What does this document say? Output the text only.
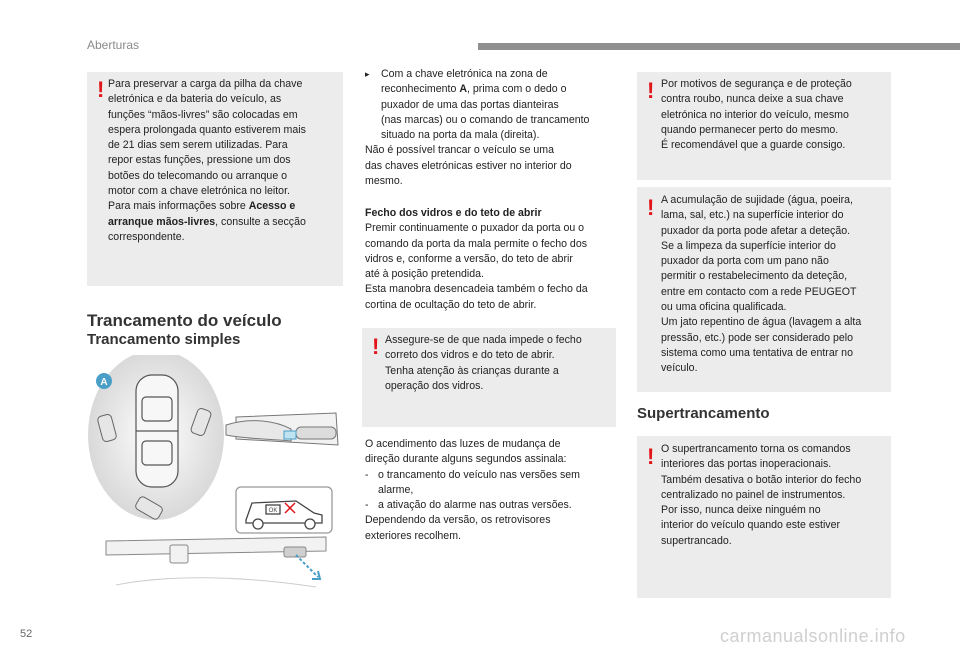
Aberturas
! Para preservar a carga da pilha da chave
eletrónica e da bateria do veículo, as
funções “mãos-livres” são colocadas em
espera prolongada quanto estiverem mais
de 21 dias sem serem utilizadas. Para
repor estas funções, pressione um dos
botões do telecomando ou arranque o
motor com a chave eletrónica no leitor.
Para mais informações sobre Acesso e
arranque mãos-livres, consulte a secção
correspondente.
Trancamento do veículo
Trancamento simples
A
OK
▸ Com a chave eletrónica na zona de
reconhecimento A, prima com o dedo o
puxador de uma das portas dianteiras
(nas marcas) ou o comando de trancamento
situado na porta da mala (direita).
Não é possível trancar o veículo se uma
das chaves eletrónicas estiver no interior do
mesmo.
Fecho dos vidros e do teto de abrir
Premir continuamente o puxador da porta ou o
comando da porta da mala permite o fecho dos
vidros e, conforme a versão, do teto de abrir
até à posição pretendida.
Esta manobra desencadeia também o fecho da
cortina de ocultação do teto de abrir.
! Assegure-se de que nada impede o fecho
correto dos vidros e do teto de abrir.
Tenha atenção às crianças durante a
operação dos vidros.
O acendimento das luzes de mudança de
direção durante alguns segundos assinala:
- o trancamento do veículo nas versões sem
alarme,
- a ativação do alarme nas outras versões.
Dependendo da versão, os retrovisores
exteriores recolhem.
! Por motivos de segurança e de proteção
contra roubo, nunca deixe a sua chave
eletrónica no interior do veículo, mesmo
quando permanecer perto do mesmo.
É recomendável que a guarde consigo.
! A acumulação de sujidade (água, poeira,
lama, sal, etc.) na superfície interior do
puxador da porta pode afetar a deteção.
Se a limpeza da superfície interior do
puxador da porta com um pano não
permitir o restabelecimento da deteção,
entre em contacto com a rede PEUGEOT
ou uma oficina qualificada.
Um jato repentino de água (lavagem a alta
pressão, etc.) pode ser considerado pelo
sistema como uma tentativa de entrar no
veículo.
Supertrancamento
! O supertrancamento torna os comandos
interiores das portas inoperacionais.
Também desativa o botão interior do fecho
centralizado no painel de instrumentos.
Por isso, nunca deixe ninguém no
interior do veículo quando este estiver
supertrancado.
52	carmanualsonline.info
